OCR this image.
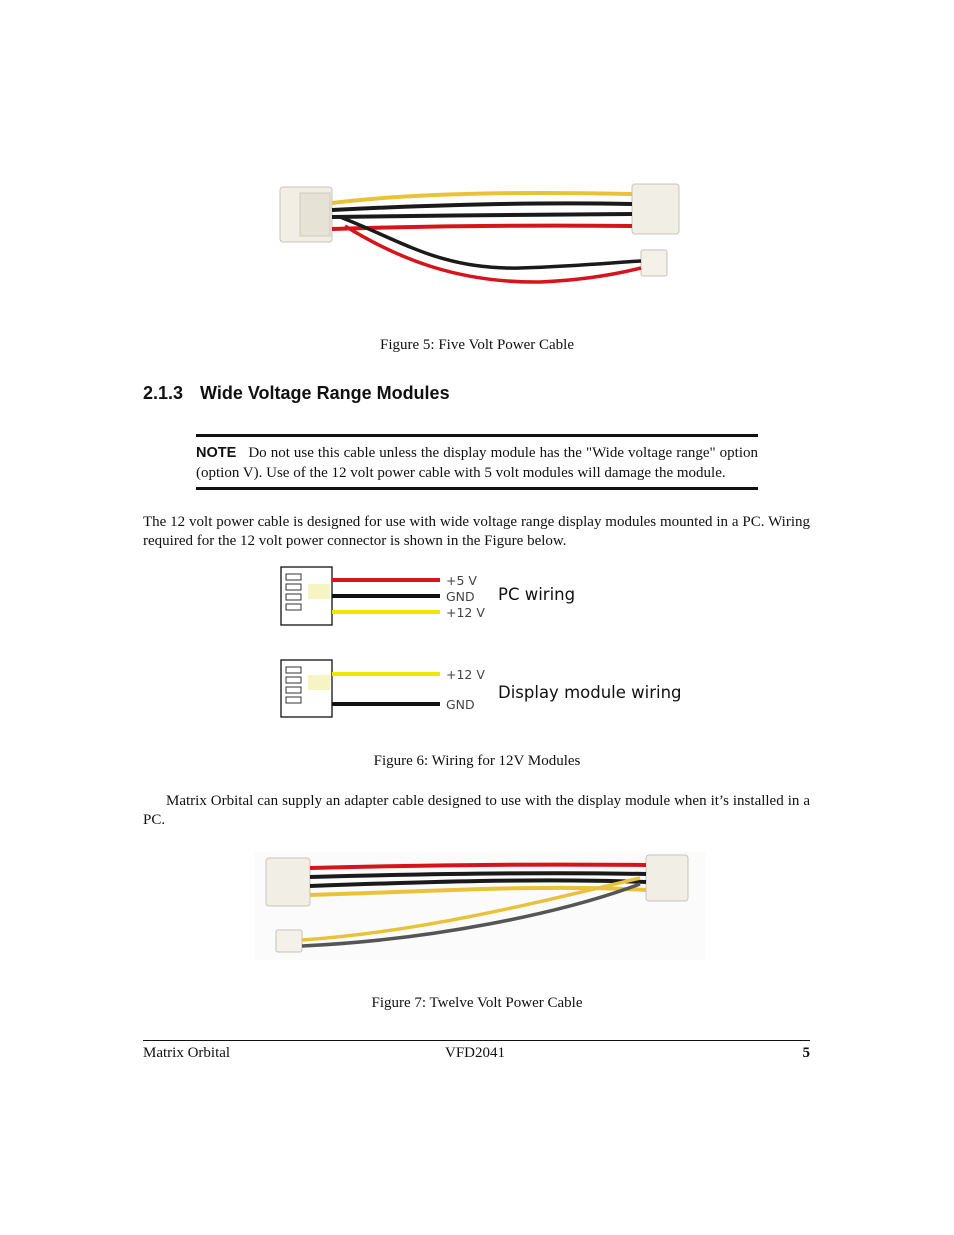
Figure 5: Five Volt Power Cable
2.1.3 Wide Voltage Range Modules
NOTE Do not use this cable unless the display module has the "Wide voltage range" option (option V). Use of the 12 volt power cable with 5 volt modules will damage the module.
The 12 volt power cable is designed for use with wide voltage range display modules mounted in a PC. Wiring required for the 12 volt power connector is shown in the Figure below.
+5 V
GND
+12 V
PC wiring
+12 V
GND
Display module wiring
Figure 6: Wiring for 12V Modules
Matrix Orbital can supply an adapter cable designed to use with the display module when it’s installed in a PC.
Figure 7: Twelve Volt Power Cable
Matrix Orbital	VFD2041	5
